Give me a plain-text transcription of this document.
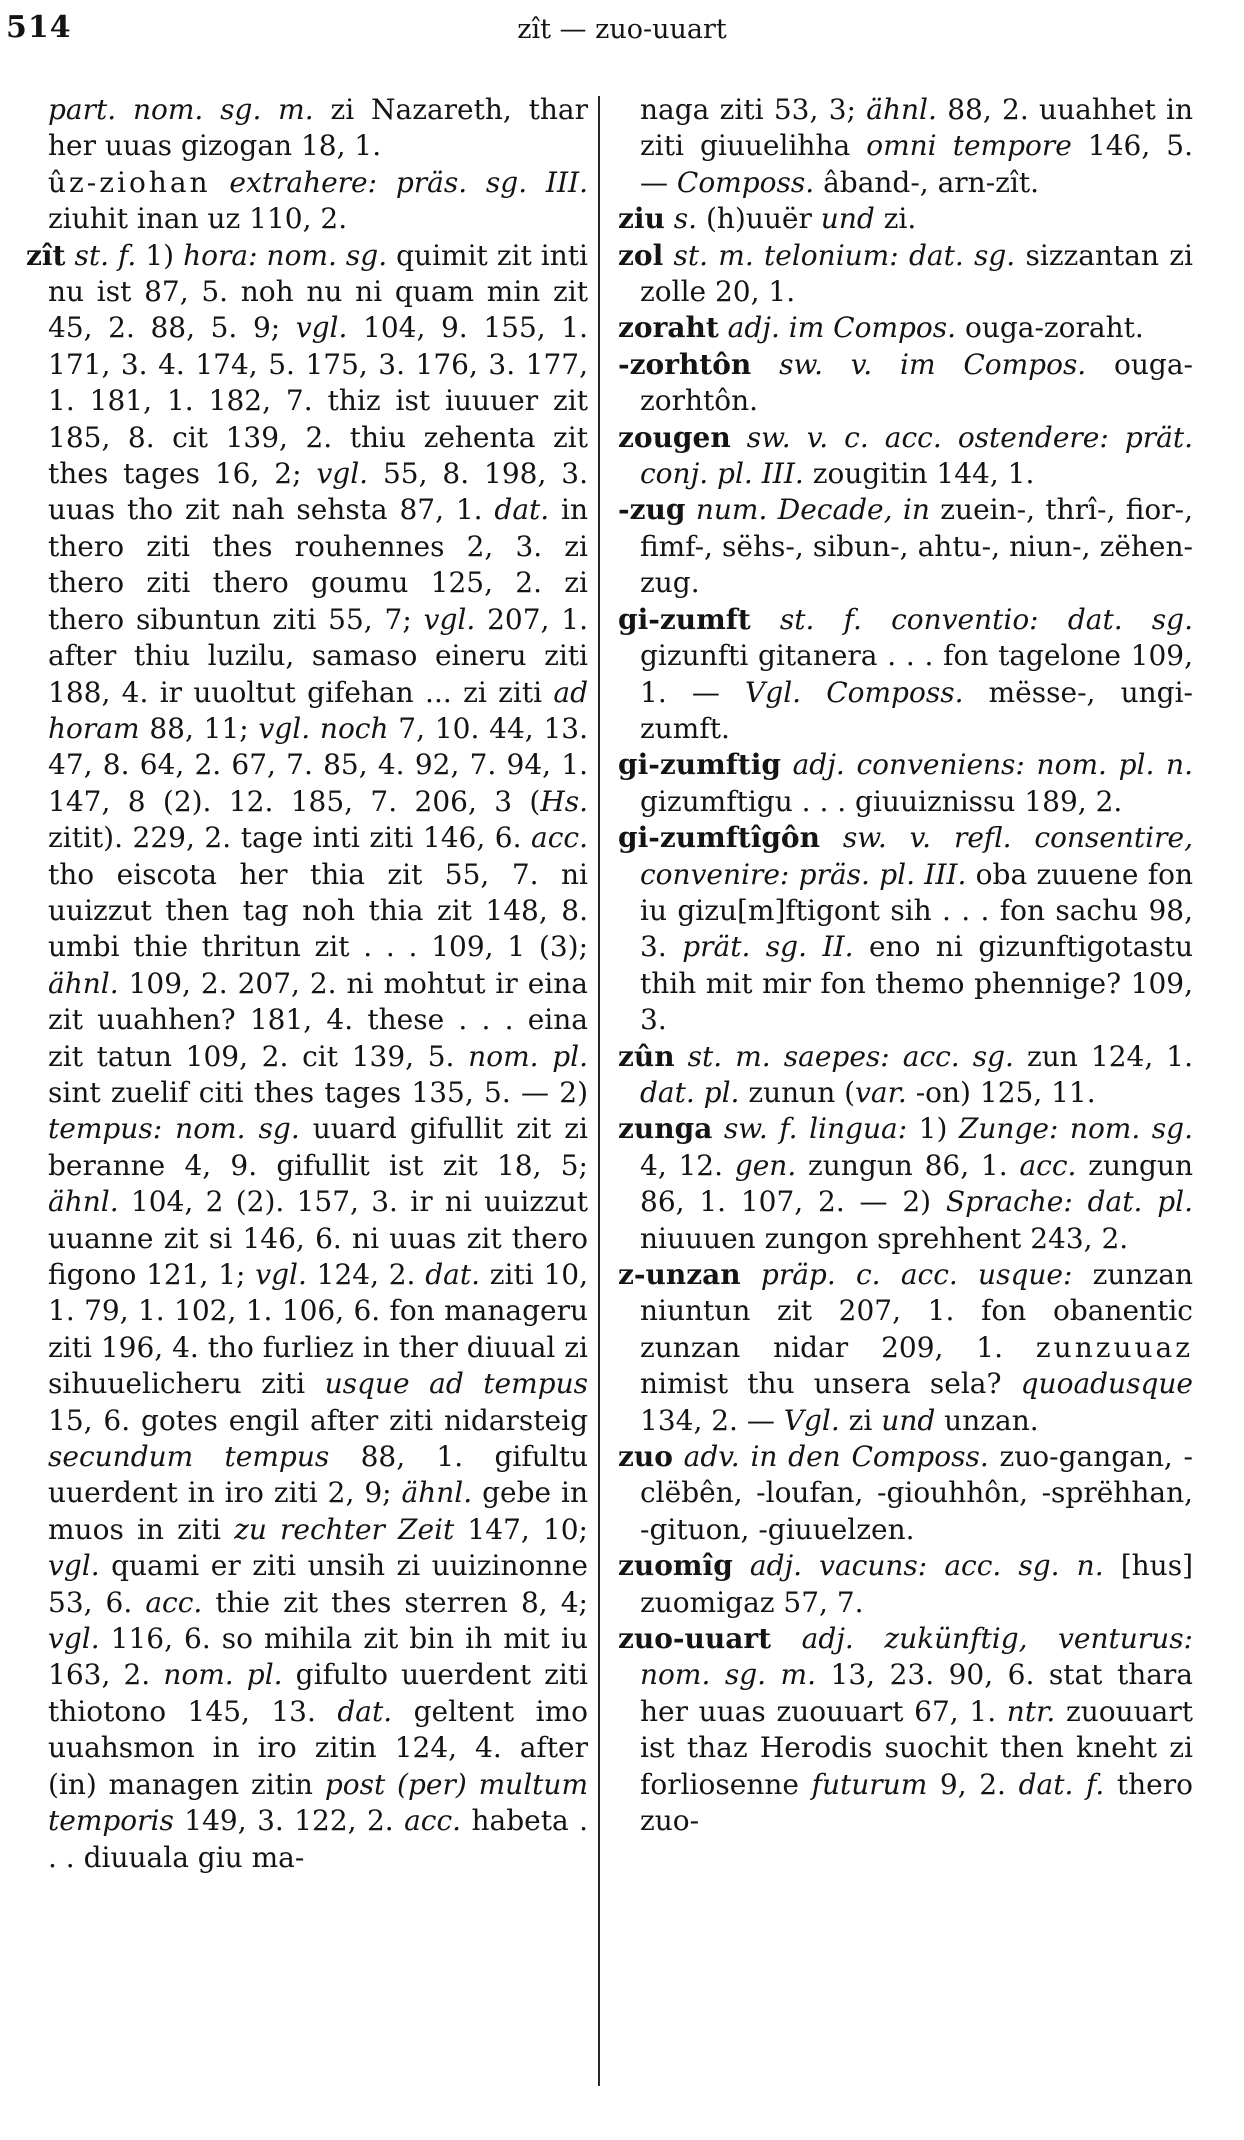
514	zît — zuo-uuart

part. nom. sg. m. zi Nazareth, thar her uuas gizogan 18, 1.

ûz-ziohan extrahere: präs. sg. III. ziuhit inan uz 110, 2.

zît st. f. 1) hora: nom. sg. quimit zit inti nu ist 87, 5. noh nu ni quam min zit 45, 2. 88, 5. 9; vgl. 104, 9. 155, 1. 171, 3. 4. 174, 5. 175, 3. 176, 3. 177, 1. 181, 1. 182, 7. thiz ist iuuuer zit 185, 8. cit 139, 2. thiu zehenta zit thes tages 16, 2; vgl. 55, 8. 198, 3. uuas tho zit nah sehsta 87, 1. dat. in thero ziti thes rouhennes 2, 3. zi thero ziti thero goumu 125, 2. zi thero sibuntun ziti 55, 7; vgl. 207, 1. after thiu luzilu, samaso eineru ziti 188, 4. ir uuoltut gifehan ... zi ziti ad horam 88, 11; vgl. noch 7, 10. 44, 13. 47, 8. 64, 2. 67, 7. 85, 4. 92, 7. 94, 1. 147, 8 (2). 12. 185, 7. 206, 3 (Hs. zitit). 229, 2. tage inti ziti 146, 6. acc. tho eiscota her thia zit 55, 7. ni uuizzut then tag noh thia zit 148, 8. umbi thie thritun zit . . . 109, 1 (3); ähnl. 109, 2. 207, 2. ni mohtut ir eina zit uuahhen? 181, 4. these . . . eina zit tatun 109, 2. cit 139, 5. nom. pl. sint zuelif citi thes tages 135, 5. — 2) tempus: nom. sg. uuard gifullit zit zi beranne 4, 9. gifullit ist zit 18, 5; ähnl. 104, 2 (2). 157, 3. ir ni uuizzut uuanne zit si 146, 6. ni uuas zit thero figono 121, 1; vgl. 124, 2. dat. ziti 10, 1. 79, 1. 102, 1. 106, 6. fon manageru ziti 196, 4. tho furliez in ther diuual zi sihuuelicheru ziti usque ad tempus 15, 6. gotes engil after ziti nidarsteig secundum tempus 88, 1. gifultu uuerdent in iro ziti 2, 9; ähnl. gebe in muos in ziti zu rechter Zeit 147, 10; vgl. quami er ziti unsih zi uuizinonne 53, 6. acc. thie zit thes sterren 8, 4; vgl. 116, 6. so mihila zit bin ih mit iu 163, 2. nom. pl. gifulto uuerdent ziti thiotono 145, 13. dat. geltent imo uuahsmon in iro zitin 124, 4. after (in) managen zitin post (per) multum temporis 149, 3. 122, 2. acc. habeta . . . diuuala giu ma-

naga ziti 53, 3; ähnl. 88, 2. uuahhet in ziti giuuelihha omni tempore 146, 5. — Composs. âband-, arn-zît.

ziu s. (h)uuër und zi.

zol st. m. telonium: dat. sg. sizzantan zi zolle 20, 1.

zoraht adj. im Compos. ouga-zoraht.

-zorhtôn sw. v. im Compos. ouga-zorhtôn.

zougen sw. v. c. acc. ostendere: prät. conj. pl. III. zougitin 144, 1.

-zug num. Decade, in zuein-, thrî-, fior-, fimf-, sëhs-, sibun-, ahtu-, niun-, zëhen-zug.

gi-zumft st. f. conventio: dat. sg. gizunfti gitanera . . . fon tagelone 109, 1. — Vgl. Composs. mësse-, ungi-zumft.

gi-zumftig adj. conveniens: nom. pl. n. gizumftigu . . . giuuiznissu 189, 2.

gi-zumftîgôn sw. v. refl. consentire, convenire: präs. pl. III. oba zuuene fon iu gizu[m]ftigont sih . . . fon sachu 98, 3. prät. sg. II. eno ni gizunftigotastu thih mit mir fon themo phennige? 109, 3.

zûn st. m. saepes: acc. sg. zun 124, 1. dat. pl. zunun (var. -on) 125, 11.

zunga sw. f. lingua: 1) Zunge: nom. sg. 4, 12. gen. zungun 86, 1. acc. zungun 86, 1. 107, 2. — 2) Sprache: dat. pl. niuuuen zungon sprehhent 243, 2.

z-unzan präp. c. acc. usque: zunzan niuntun zit 207, 1. fon obanentic zunzan nidar 209, 1. zunzuuaz nimist thu unsera sela? quoadusque 134, 2. — Vgl. zi und unzan.

zuo adv. in den Composs. zuo-gangan, -clëbên, -loufan, -giouhhôn, -sprëhhan, -gituon, -giuuelzen.

zuomîg adj. vacuns: acc. sg. n. [hus] zuomigaz 57, 7.

zuo-uuart adj. zukünftig, venturus: nom. sg. m. 13, 23. 90, 6. stat thara her uuas zuouuart 67, 1. ntr. zuouuart ist thaz Herodis suochit then kneht zi forliosenne futurum 9, 2. dat. f. thero zuo-
